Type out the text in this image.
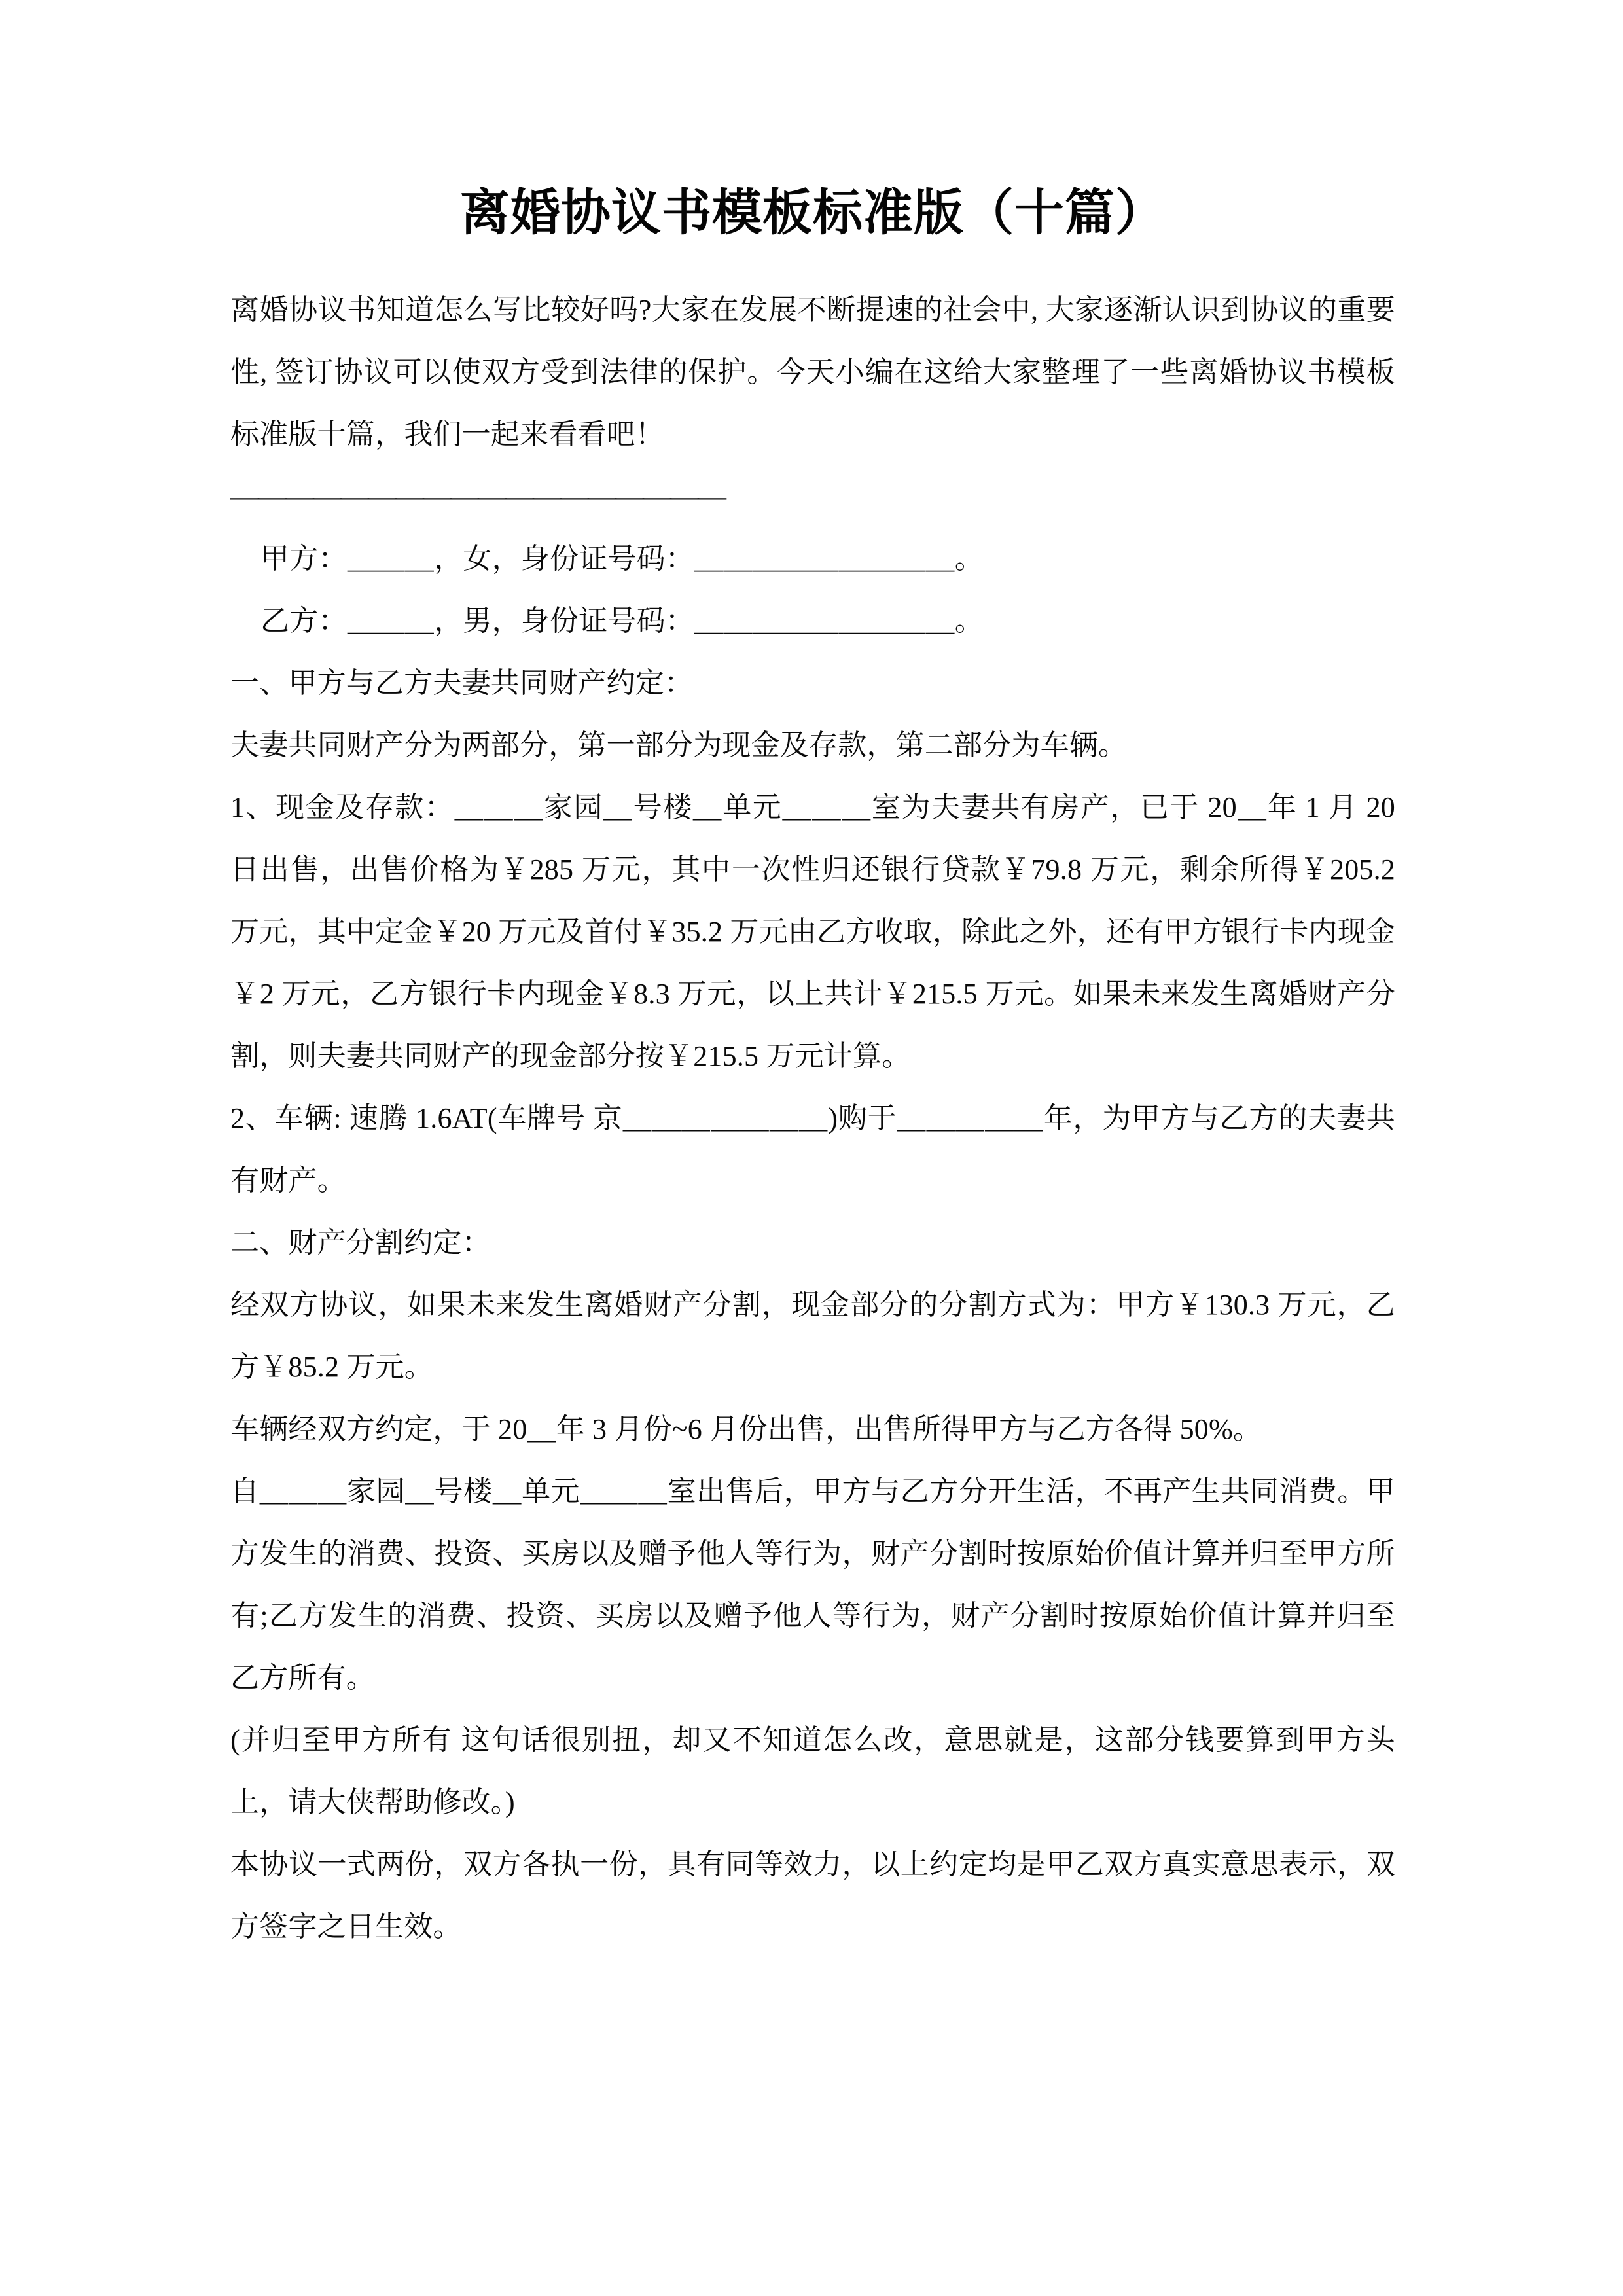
离婚协议书模板标准版（十篇）

离婚协议书知道怎么写比较好吗?大家在发展不断提速的社会中, 大家逐渐认识到协议的重要性, 签订协议可以使双方受到法律的保护。今天小编在这给大家整理了一些离婚协议书模板标准版十篇，我们一起来看看吧！

——————————————————

甲方：＿＿＿，女，身份证号码：＿＿＿＿＿＿＿＿＿。

乙方：＿＿＿，男，身份证号码：＿＿＿＿＿＿＿＿＿。

一、甲方与乙方夫妻共同财产约定：

夫妻共同财产分为两部分，第一部分为现金及存款，第二部分为车辆。

1、现金及存款：＿＿＿家园＿号楼＿单元＿＿＿室为夫妻共有房产，已于 20＿年 1 月 20 日出售，出售价格为￥285 万元，其中一次性归还银行贷款￥79.8 万元，剩余所得￥205.2 万元，其中定金￥20 万元及首付￥35.2 万元由乙方收取，除此之外，还有甲方银行卡内现金￥2 万元，乙方银行卡内现金￥8.3 万元，以上共计￥215.5 万元。如果未来发生离婚财产分割，则夫妻共同财产的现金部分按￥215.5 万元计算。

2、车辆: 速腾 1.6AT(车牌号 京＿＿＿＿＿＿＿)购于＿＿＿＿＿年，为甲方与乙方的夫妻共有财产。

二、财产分割约定：

经双方协议，如果未来发生离婚财产分割，现金部分的分割方式为：甲方￥130.3 万元，乙方￥85.2 万元。

车辆经双方约定，于 20＿年 3 月份~6 月份出售，出售所得甲方与乙方各得 50%。

自＿＿＿家园＿号楼＿单元＿＿＿室出售后，甲方与乙方分开生活，不再产生共同消费。甲方发生的消费、投资、买房以及赠予他人等行为，财产分割时按原始价值计算并归至甲方所有;乙方发生的消费、投资、买房以及赠予他人等行为，财产分割时按原始价值计算并归至乙方所有。

(并归至甲方所有 这句话很别扭，却又不知道怎么改，意思就是，这部分钱要算到甲方头上，请大侠帮助修改。)

本协议一式两份，双方各执一份，具有同等效力，以上约定均是甲乙双方真实意思表示，双方签字之日生效。
